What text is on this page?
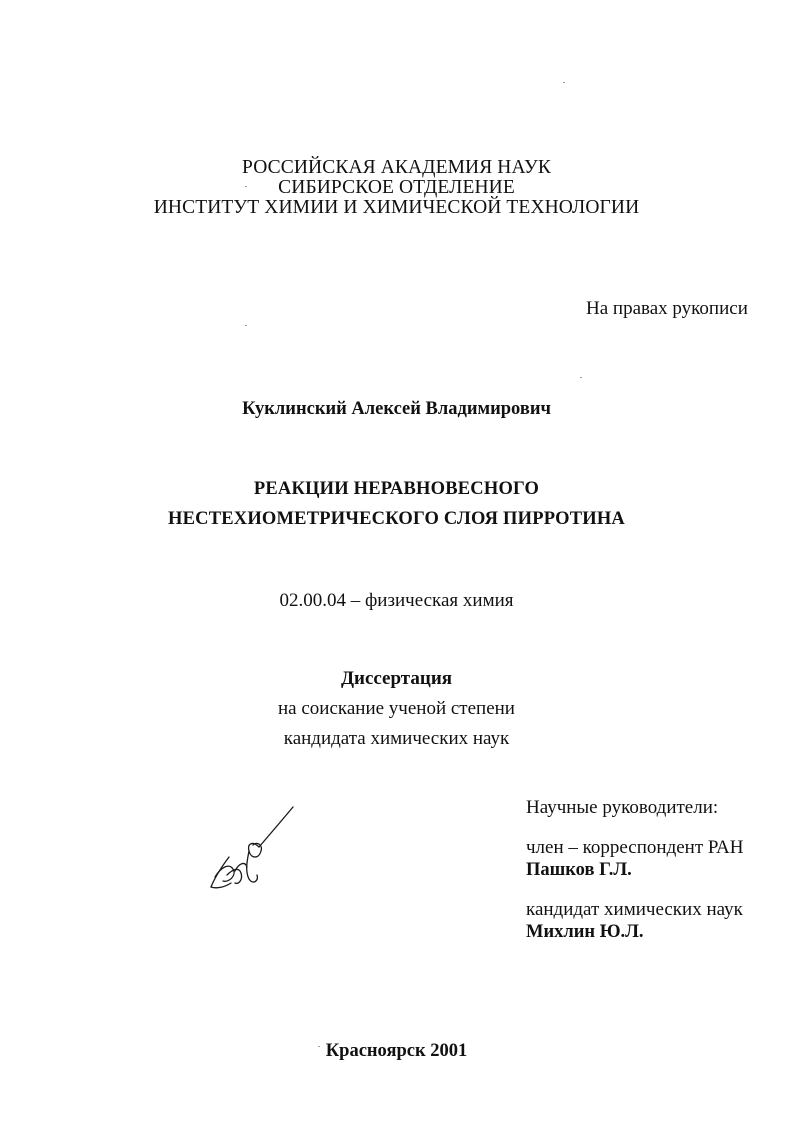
РОССИЙСКАЯ АКАДЕМИЯ НАУК
СИБИРСКОЕ ОТДЕЛЕНИЕ
ИНСТИТУТ ХИМИИ И ХИМИЧЕСКОЙ ТЕХНОЛОГИИ
На правах рукописи
Куклинский Алексей Владимирович
РЕАКЦИИ НЕРАВНОВЕСНОГО
НЕСТЕХИОМЕТРИЧЕСКОГО СЛОЯ ПИРРОТИНА
02.00.04 – физическая химия
Диссертация
на соискание ученой степени
кандидата химических наук
Научные руководители:
член – корреспондент РАН
Пашков Г.Л.
кандидат химических наук
Михлин Ю.Л.
Красноярск 2001
